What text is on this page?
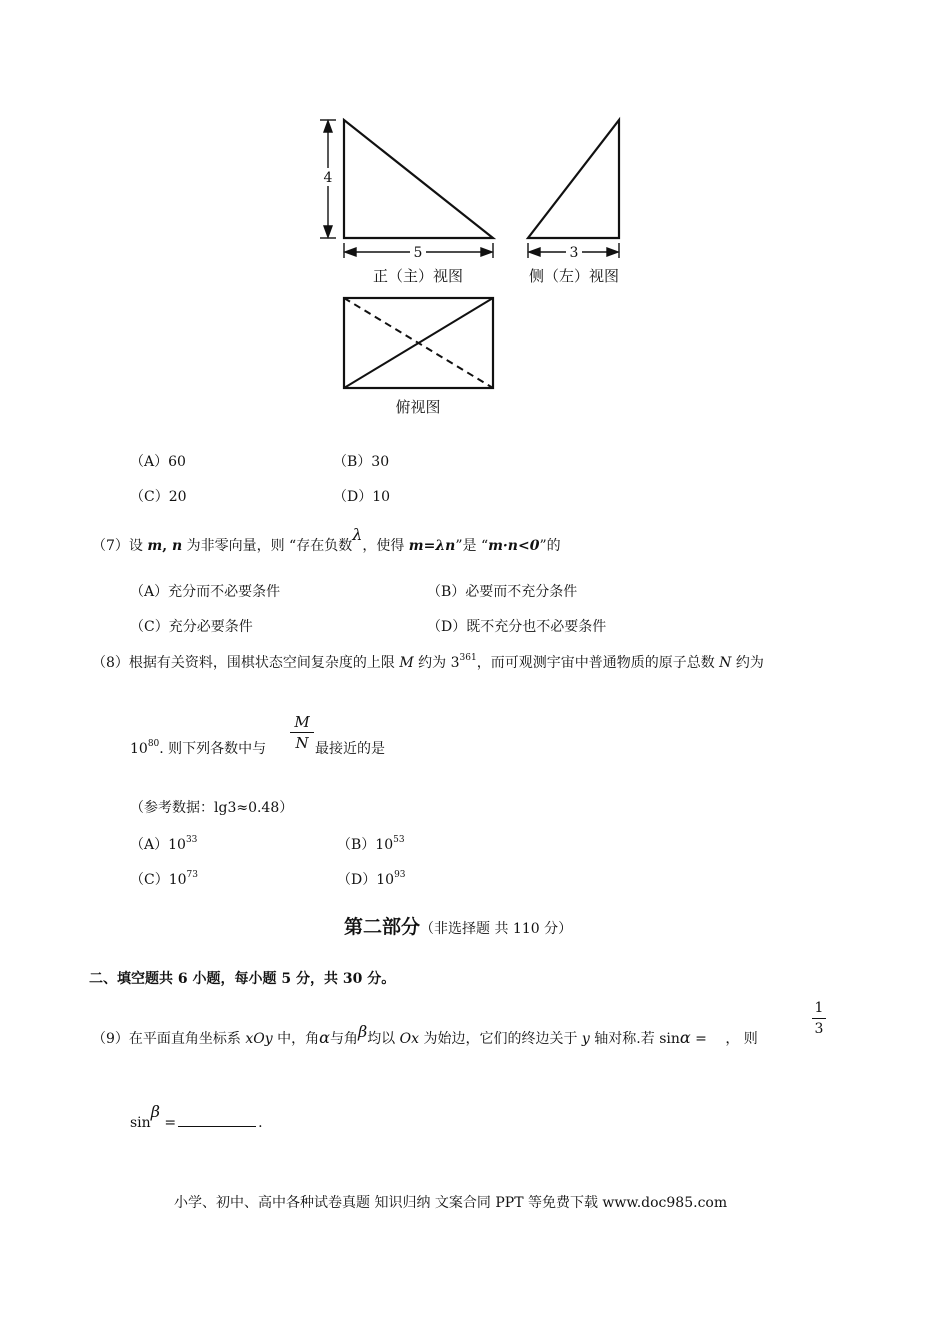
4
5
正（主）视图
3
侧（左）视图
俯视图
（A）60	（B）30
（C）20	（D）10
（7）设 m, n 为非零向量，则 “存在负数λ，使得 m=λn”是 “m·n<0”的
（A）充分而不必要条件	（B）必要而不充分条件
（C）充分必要条件	（D）既不充分也不必要条件
（8）根据有关资料，围棋状态空间复杂度的上限 M 约为 $3^{361}$，而可观测宇宙中普通物质的原子总数 N 约为
$10^{80}$. 则下列各数中与
M
N 最接近的是
（参考数据：lg3≈0.48）
$(A)10^{33}$	$(B)10^{53}$
$(C)10^{73}$	$(D)10^{93}$
第二部分（非选择题 共 110 分）
二、填空题共 6 小题，每小题 5 分，共 30 分。
（9）在平面直角坐标系 xOy 中，角α与角β均以 Ox 为始边，它们的终边关于 y 轴对称.若 sinα = ， 则
1
3
sinβ =	.
小学、初中、高中各种试卷真题 知识归纳 文案合同 PPT 等免费下载 www.doc985.com
